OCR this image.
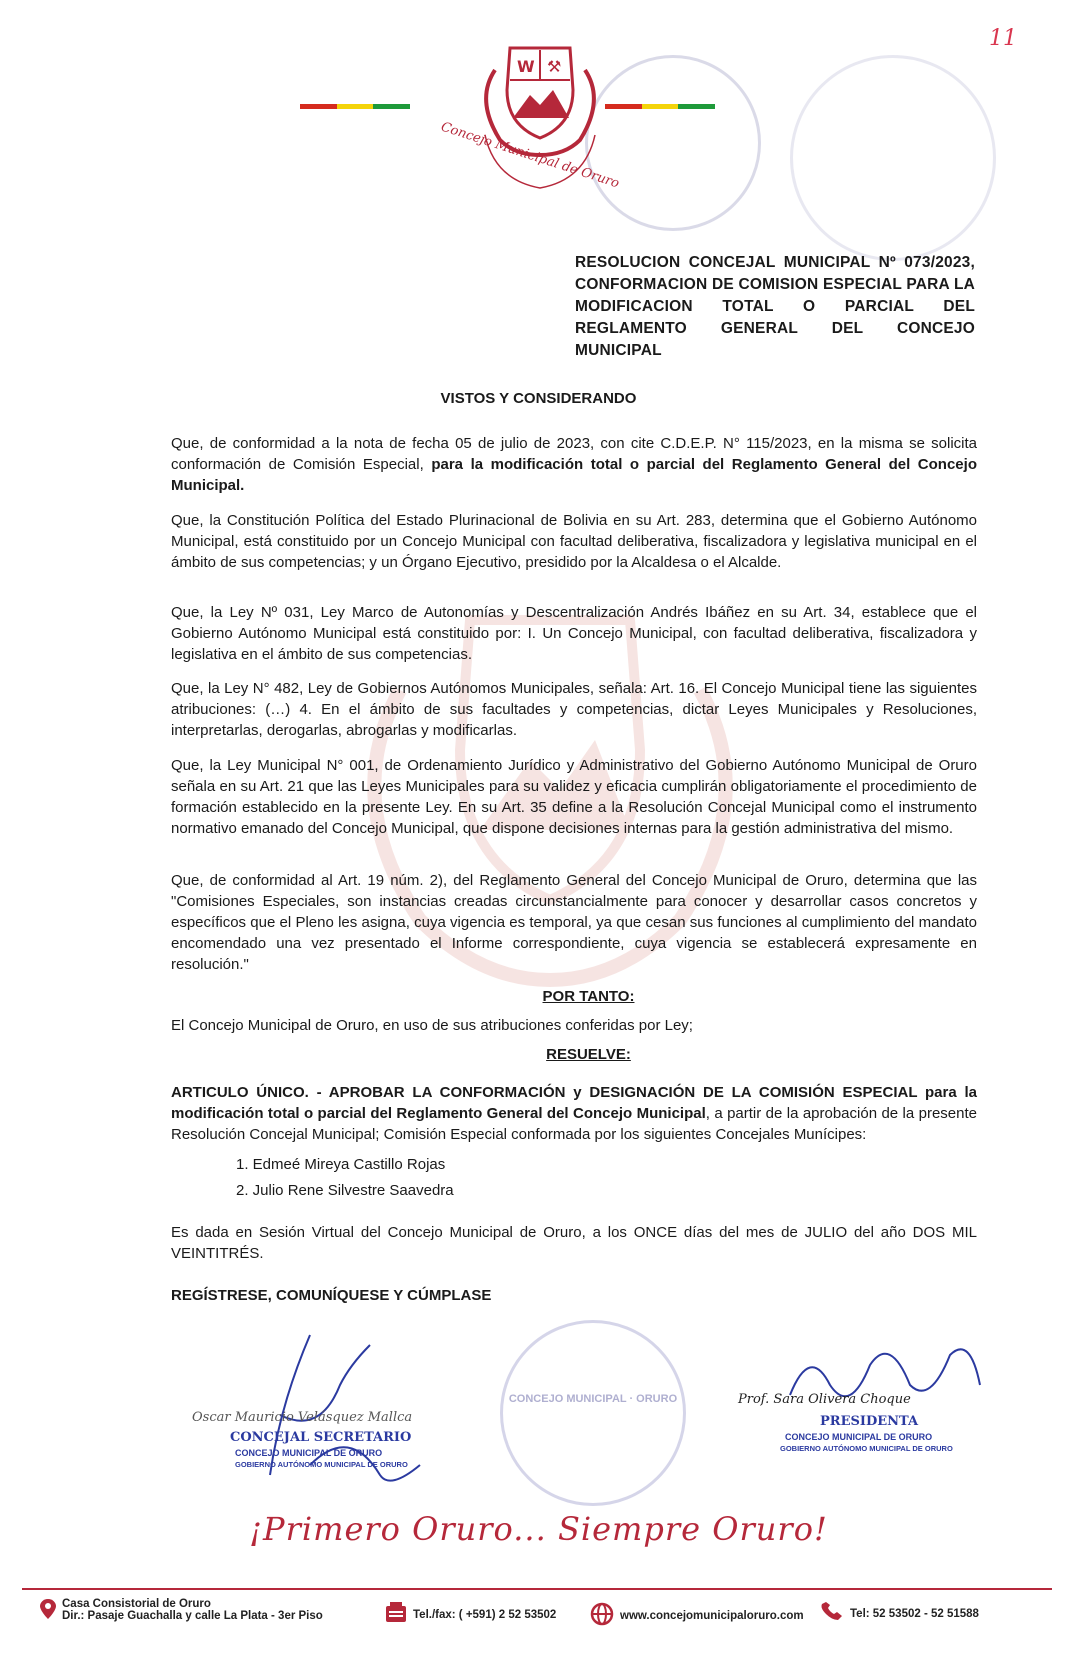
11
W ⚒
Concejo Municipal de Oruro
RESOLUCION CONCEJAL MUNICIPAL Nº 073/2023, CONFORMACION DE COMISION ESPECIAL PARA LA MODIFICACION TOTAL O PARCIAL DEL REGLAMENTO GENERAL DEL CONCEJO MUNICIPAL
VISTOS Y CONSIDERANDO
Que, de conformidad a la nota de fecha 05 de julio de 2023, con cite C.D.E.P. N° 115/2023, en la misma se solicita conformación de Comisión Especial, para la modificación total o parcial del Reglamento General del Concejo Municipal.
Que, la Constitución Política del Estado Plurinacional de Bolivia en su Art. 283, determina que el Gobierno Autónomo Municipal, está constituido por un Concejo Municipal con facultad deliberativa, fiscalizadora y legislativa municipal en el ámbito de sus competencias; y un Órgano Ejecutivo, presidido por la Alcaldesa o el Alcalde.
Que, la Ley Nº 031, Ley Marco de Autonomías y Descentralización Andrés Ibáñez en su Art. 34, establece que el Gobierno Autónomo Municipal está constituido por: I. Un Concejo Municipal, con facultad deliberativa, fiscalizadora y legislativa en el ámbito de sus competencias.
Que, la Ley N° 482, Ley de Gobiernos Autónomos Municipales, señala: Art. 16. El Concejo Municipal tiene las siguientes atribuciones: (…) 4. En el ámbito de sus facultades y competencias, dictar Leyes Municipales y Resoluciones, interpretarlas, derogarlas, abrogarlas y modificarlas.
Que, la Ley Municipal N° 001, de Ordenamiento Jurídico y Administrativo del Gobierno Autónomo Municipal de Oruro señala en su Art. 21 que las Leyes Municipales para su validez y eficacia cumplirán obligatoriamente el procedimiento de formación establecido en la presente Ley. En su Art. 35 define a la Resolución Concejal Municipal como el instrumento normativo emanado del Concejo Municipal, que dispone decisiones internas para la gestión administrativa del mismo.
Que, de conformidad al Art. 19 núm. 2), del Reglamento General del Concejo Municipal de Oruro, determina que las "Comisiones Especiales, son instancias creadas circunstancialmente para conocer y desarrollar casos concretos y específicos que el Pleno les asigna, cuya vigencia es temporal, ya que cesan sus funciones al cumplimiento del mandato encomendado una vez presentado el Informe correspondiente, cuya vigencia se establecerá expresamente en resolución."
POR TANTO:
El Concejo Municipal de Oruro, en uso de sus atribuciones conferidas por Ley;
RESUELVE:
ARTICULO ÚNICO. - APROBAR LA CONFORMACIÓN y DESIGNACIÓN DE LA COMISIÓN ESPECIAL para la modificación total o parcial del Reglamento General del Concejo Municipal, a partir de la aprobación de la presente Resolución Concejal Municipal; Comisión Especial conformada por los siguientes Concejales Munícipes:
1. Edmeé Mireya Castillo Rojas
2. Julio Rene Silvestre Saavedra
Es dada en Sesión Virtual del Concejo Municipal de Oruro, a los ONCE días del mes de JULIO del año DOS MIL VEINTITRÉS.
REGÍSTRESE, COMUNÍQUESE Y CÚMPLASE
CONCEJO MUNICIPAL · ORURO
Oscar Mauricio Velásquez Mallca
CONCEJAL SECRETARIO
CONCEJO MUNICIPAL DE ORURO
GOBIERNO AUTÓNOMO MUNICIPAL DE ORURO
Prof. Sara Olivera Choque
PRESIDENTA
CONCEJO MUNICIPAL DE ORURO
GOBIERNO AUTÓNOMO MUNICIPAL DE ORURO
¡Primero Oruro... Siempre Oruro!
Casa Consistorial de Oruro
Dir.: Pasaje Guachalla y calle La Plata - 3er Piso	Tel./fax: ( +591) 2 52 53502	www.concejomunicipaloruro.com	Tel: 52 53502 - 52 51588
